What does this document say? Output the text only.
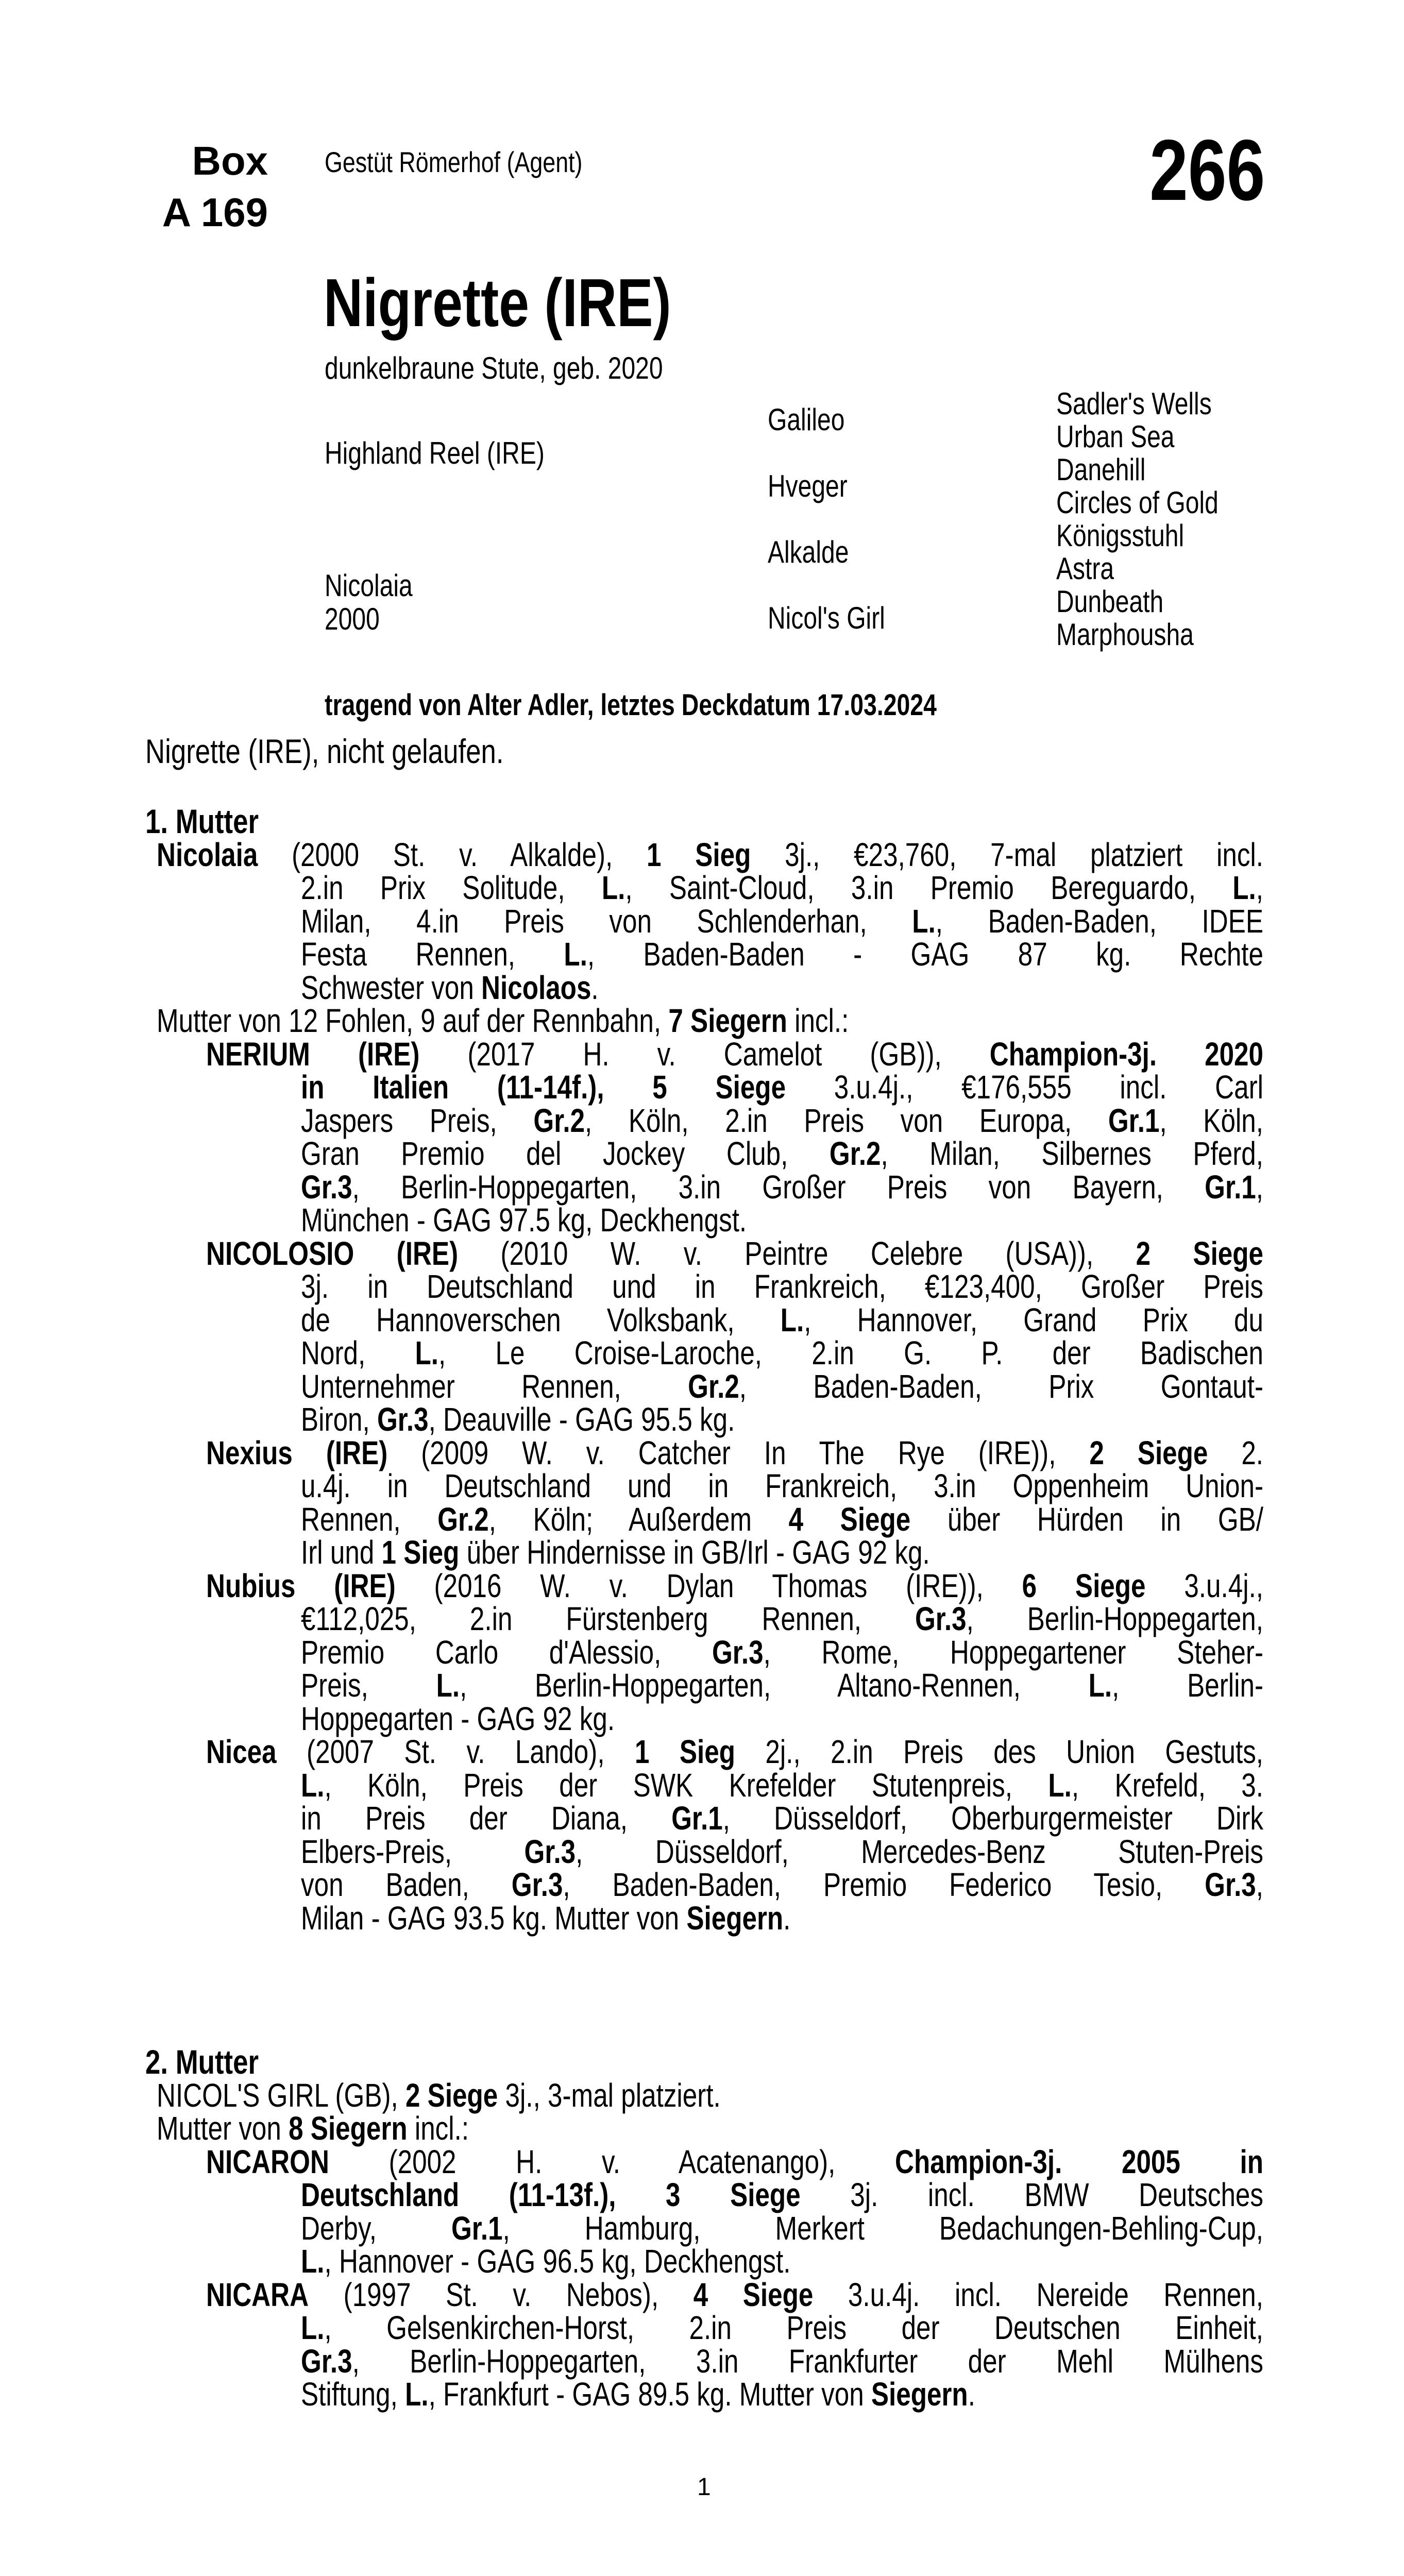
Box
A 169
Gestüt Römerhof (Agent)	266
Nigrette (IRE)
dunkelbraune Stute, geb. 2020
Highland Reel (IRE)
Nicolaia
2000
Galileo
Hveger
Alkalde
Nicol's Girl
Sadler's Wells
Urban Sea
Danehill
Circles of Gold
Königsstuhl
Astra
Dunbeath
Marphousha
tragend von Alter Adler, letztes Deckdatum 17.03.2024
Nigrette (IRE), nicht gelaufen.
1. Mutter
Nicolaia (2000 St. v. Alkalde), 1 Sieg 3j., €23,760, 7-mal platziert incl.
2.in Prix Solitude, L., Saint-Cloud, 3.in Premio Bereguardo, L.,
Milan, 4.in Preis von Schlenderhan, L., Baden-Baden, IDEE
Festa Rennen, L., Baden-Baden - GAG 87 kg. Rechte
Schwester von Nicolaos.
Mutter von 12 Fohlen, 9 auf der Rennbahn, 7 Siegern incl.:
NERIUM (IRE) (2017 H. v. Camelot (GB)), Champion-3j. 2020
in Italien (11-14f.), 5 Siege 3.u.4j., €176,555 incl. Carl
Jaspers Preis, Gr.2, Köln, 2.in Preis von Europa, Gr.1, Köln,
Gran Premio del Jockey Club, Gr.2, Milan, Silbernes Pferd,
Gr.3, Berlin-Hoppegarten, 3.in Großer Preis von Bayern, Gr.1,
München - GAG 97.5 kg, Deckhengst.
NICOLOSIO (IRE) (2010 W. v. Peintre Celebre (USA)), 2 Siege
3j. in Deutschland und in Frankreich, €123,400, Großer Preis
de Hannoverschen Volksbank, L., Hannover, Grand Prix du
Nord, L., Le Croise-Laroche, 2.in G. P. der Badischen
Unternehmer Rennen, Gr.2, Baden-Baden, Prix Gontaut-
Biron, Gr.3, Deauville - GAG 95.5 kg.
Nexius (IRE) (2009 W. v. Catcher In The Rye (IRE)), 2 Siege 2.
u.4j. in Deutschland und in Frankreich, 3.in Oppenheim Union-
Rennen, Gr.2, Köln; Außerdem 4 Siege über Hürden in GB/
Irl und 1 Sieg über Hindernisse in GB/Irl - GAG 92 kg.
Nubius (IRE) (2016 W. v. Dylan Thomas (IRE)), 6 Siege 3.u.4j.,
€112,025, 2.in Fürstenberg Rennen, Gr.3, Berlin-Hoppegarten,
Premio Carlo d'Alessio, Gr.3, Rome, Hoppegartener Steher-
Preis, L., Berlin-Hoppegarten, Altano-Rennen, L., Berlin-
Hoppegarten - GAG 92 kg.
Nicea (2007 St. v. Lando), 1 Sieg 2j., 2.in Preis des Union Gestuts,
L., Köln, Preis der SWK Krefelder Stutenpreis, L., Krefeld, 3.
in Preis der Diana, Gr.1, Düsseldorf, Oberburgermeister Dirk
Elbers-Preis, Gr.3, Düsseldorf, Mercedes-Benz Stuten-Preis
von Baden, Gr.3, Baden-Baden, Premio Federico Tesio, Gr.3,
Milan - GAG 93.5 kg. Mutter von Siegern.
2. Mutter
NICOL'S GIRL (GB), 2 Siege 3j., 3-mal platziert.
Mutter von 8 Siegern incl.:
NICARON (2002 H. v. Acatenango), Champion-3j. 2005 in
Deutschland (11-13f.), 3 Siege 3j. incl. BMW Deutsches
Derby, Gr.1, Hamburg, Merkert Bedachungen-Behling-Cup,
L., Hannover - GAG 96.5 kg, Deckhengst.
NICARA (1997 St. v. Nebos), 4 Siege 3.u.4j. incl. Nereide Rennen,
L., Gelsenkirchen-Horst, 2.in Preis der Deutschen Einheit,
Gr.3, Berlin-Hoppegarten, 3.in Frankfurter der Mehl Mülhens
Stiftung, L., Frankfurt - GAG 89.5 kg. Mutter von Siegern.
1
